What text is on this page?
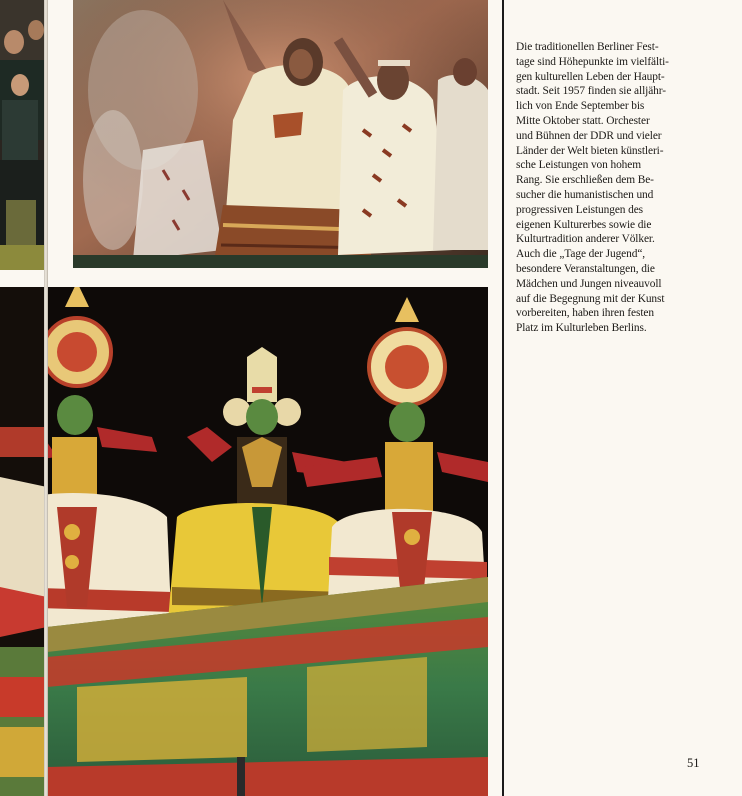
Die traditionellen Berliner Fest-
tage sind Höhepunkte im vielfälti-
gen kulturellen Leben der Haupt-
stadt. Seit 1957 finden sie alljähr-
lich von Ende September bis
Mitte Oktober statt. Orchester
und Bühnen der DDR und vieler
Länder der Welt bieten künstleri-
sche Leistungen von hohem
Rang. Sie erschließen dem Be-
sucher die humanistischen und
progressiven Leistungen des
eigenen Kulturerbes sowie die
Kulturtradition anderer Völker.
Auch die „Tage der Jugend“,
besondere Veranstaltungen, die
Mädchen und Jungen niveauvoll
auf die Begegnung mit der Kunst
vorbereiten, haben ihren festen
Platz im Kulturleben Berlins.
51
